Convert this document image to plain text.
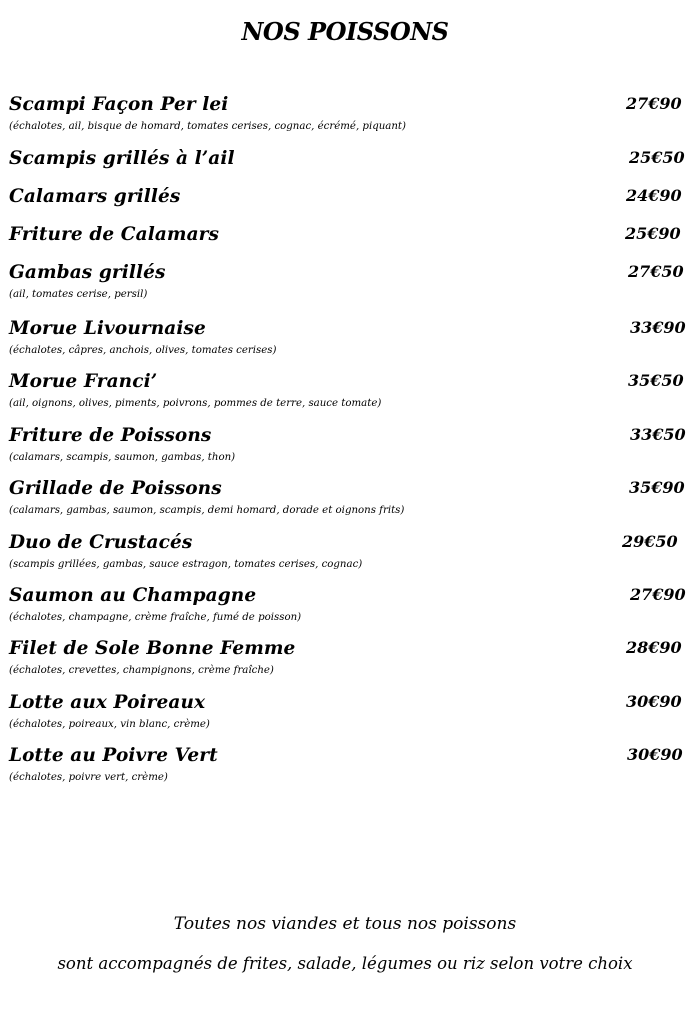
NOS POISSONS
Scampi Façon Per lei	27€90
(échalotes, ail, bisque de homard, tomates cerises, cognac, écrémé, piquant)
Scampis grillés à l’ail	25€50
Calamars grillés	24€90
Friture de Calamars	25€90
Gambas grillés	27€50
(ail, tomates cerise, persil)
Morue Livournaise	33€90
(échalotes, câpres, anchois, olives, tomates cerises)
Morue Franci’	35€50
(ail, oignons, olives, piments, poivrons, pommes de terre, sauce tomate)
Friture de Poissons	33€50
(calamars, scampis, saumon, gambas, thon)
Grillade de Poissons	35€90
(calamars, gambas, saumon, scampis, demi homard, dorade et oignons frits)
Duo de Crustacés	29€50
(scampis grillées, gambas, sauce estragon, tomates cerises, cognac)
Saumon au Champagne	27€90
(échalotes, champagne, crème fraîche, fumé de poisson)
Filet de Sole Bonne Femme	28€90
(échalotes, crevettes, champignons, crème fraîche)
Lotte aux Poireaux	30€90
(échalotes, poireaux, vin blanc, crème)
Lotte au Poivre Vert	30€90
(échalotes, poivre vert, crème)
Toutes nos viandes et tous nos poissons
sont accompagnés de frites, salade, légumes ou riz selon votre choix
